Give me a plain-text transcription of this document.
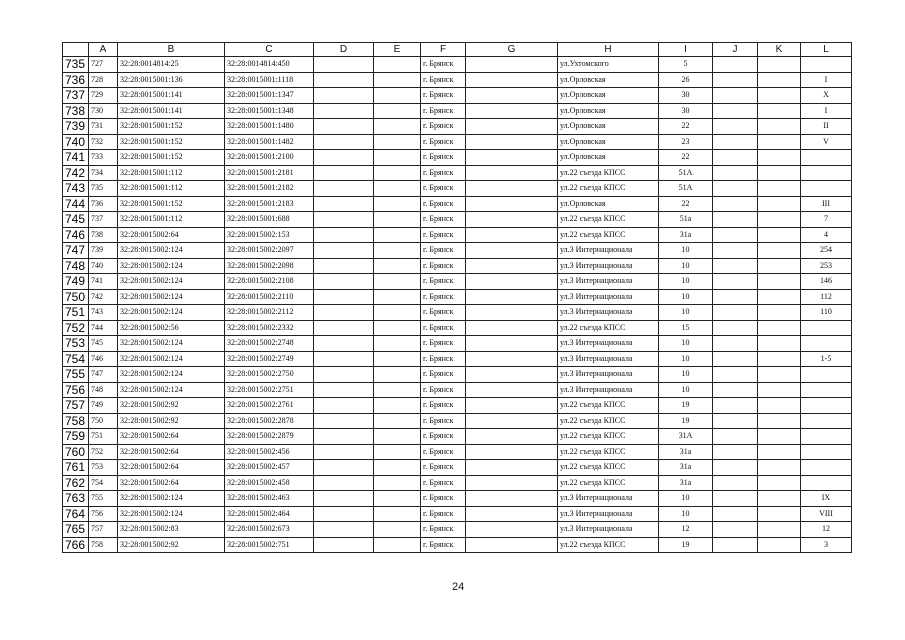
	A	B	C	D	E	F	G	H	I	J	K	L
735	727	32:28:0014814:25	32:28:0014814:450			г. Брянск		ул.Ухтомского	5			
736	728	32:28:0015001:136	32:28:0015001:1118			г. Брянск		ул.Орловская	26			I
737	729	32:28:0015001:141	32:28:0015001:1347			г. Брянск		ул.Орловская	30			X
738	730	32:28:0015001:141	32:28:0015001:1348			г. Брянск		ул.Орловская	30			I
739	731	32:28:0015001:152	32:28:0015001:1480			г. Брянск		ул.Орловская	22			II
740	732	32:28:0015001:152	32:28:0015001:1482			г. Брянск		ул.Орловская	23			V
741	733	32:28:0015001:152	32:28:0015001:2100			г. Брянск		ул.Орловская	22			
742	734	32:28:0015001:112	32:28:0015001:2181			г. Брянск		ул.22 съезда КПСС	51А			
743	735	32:28:0015001:112	32:28:0015001:2182			г. Брянск		ул.22 съезда КПСС	51А			
744	736	32:28:0015001:152	32:28:0015001:2183			г. Брянск		ул.Орловская	22			III
745	737	32:28:0015001:112	32:28:0015001:688			г. Брянск		ул.22 съезда КПСС	51а			7
746	738	32:28:0015002:64	32:28:0015002:153			г. Брянск		ул.22 съезда КПСС	31а			4
747	739	32:28:0015002:124	32:28:0015002:2097			г. Брянск		ул.3 Интернационала	10			254
748	740	32:28:0015002:124	32:28:0015002:2098			г. Брянск		ул.3 Интернационала	10			253
749	741	32:28:0015002:124	32:28:0015002:2108			г. Брянск		ул.3 Интернационала	10			146
750	742	32:28:0015002:124	32:28:0015002:2110			г. Брянск		ул.3 Интернационала	10			112
751	743	32:28:0015002:124	32:28:0015002:2112			г. Брянск		ул.3 Интернационала	10			110
752	744	32:28:0015002:56	32:28:0015002:2332			г. Брянск		ул.22 съезда КПСС	15			
753	745	32:28:0015002:124	32:28:0015002:2748			г. Брянск		ул.3 Интернационала	10			
754	746	32:28:0015002:124	32:28:0015002:2749			г. Брянск		ул.3 Интернационала	10			1-5
755	747	32:28:0015002:124	32:28:0015002:2750			г. Брянск		ул.3 Интернационала	10			
756	748	32:28:0015002:124	32:28:0015002:2751			г. Брянск		ул.3 Интернационала	10			
757	749	32:28:0015002:92	32:28:0015002:2761			г. Брянск		ул.22 съезда КПСС	19			
758	750	32:28:0015002:92	32:28:0015002:2878			г. Брянск		ул.22 съезда КПСС	19			
759	751	32:28:0015002:64	32:28:0015002:2879			г. Брянск		ул.22 съезда КПСС	31А			
760	752	32:28:0015002:64	32:28:0015002:456			г. Брянск		ул.22 съезда КПСС	31а			
761	753	32:28:0015002:64	32:28:0015002:457			г. Брянск		ул.22 съезда КПСС	31а			
762	754	32:28:0015002:64	32:28:0015002:458			г. Брянск		ул.22 съезда КПСС	31а			
763	755	32:28:0015002:124	32:28:0015002:463			г. Брянск		ул.3 Интернационала	10			IX
764	756	32:28:0015002:124	32:28:0015002:464			г. Брянск		ул.3 Интернационала	10			VIII
765	757	32:28:0015002:83	32:28:0015002:673			г. Брянск		ул.3 Интернационала	12			12
766	758	32:28:0015002:92	32:28:0015002:751			г. Брянск		ул.22 съезда КПСС	19			3
24
